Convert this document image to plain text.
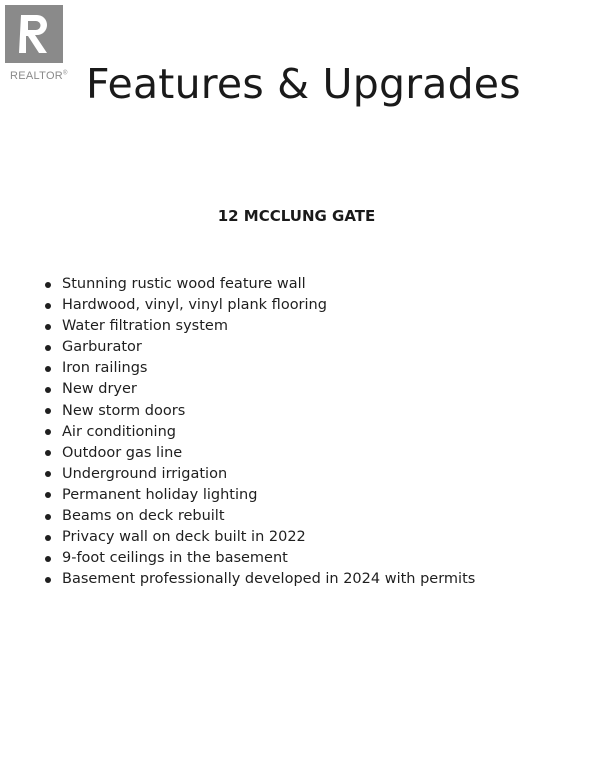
REALTOR® Features & Upgrades
12 MCCLUNG GATE
Stunning rustic wood feature wall
Hardwood, vinyl, vinyl plank flooring
Water filtration system
Garburator
Iron railings
New dryer
New storm doors
Air conditioning
Outdoor gas line
Underground irrigation
Permanent holiday lighting
Beams on deck rebuilt
Privacy wall on deck built in 2022
9-foot ceilings in the basement
Basement professionally developed in 2024 with permits
